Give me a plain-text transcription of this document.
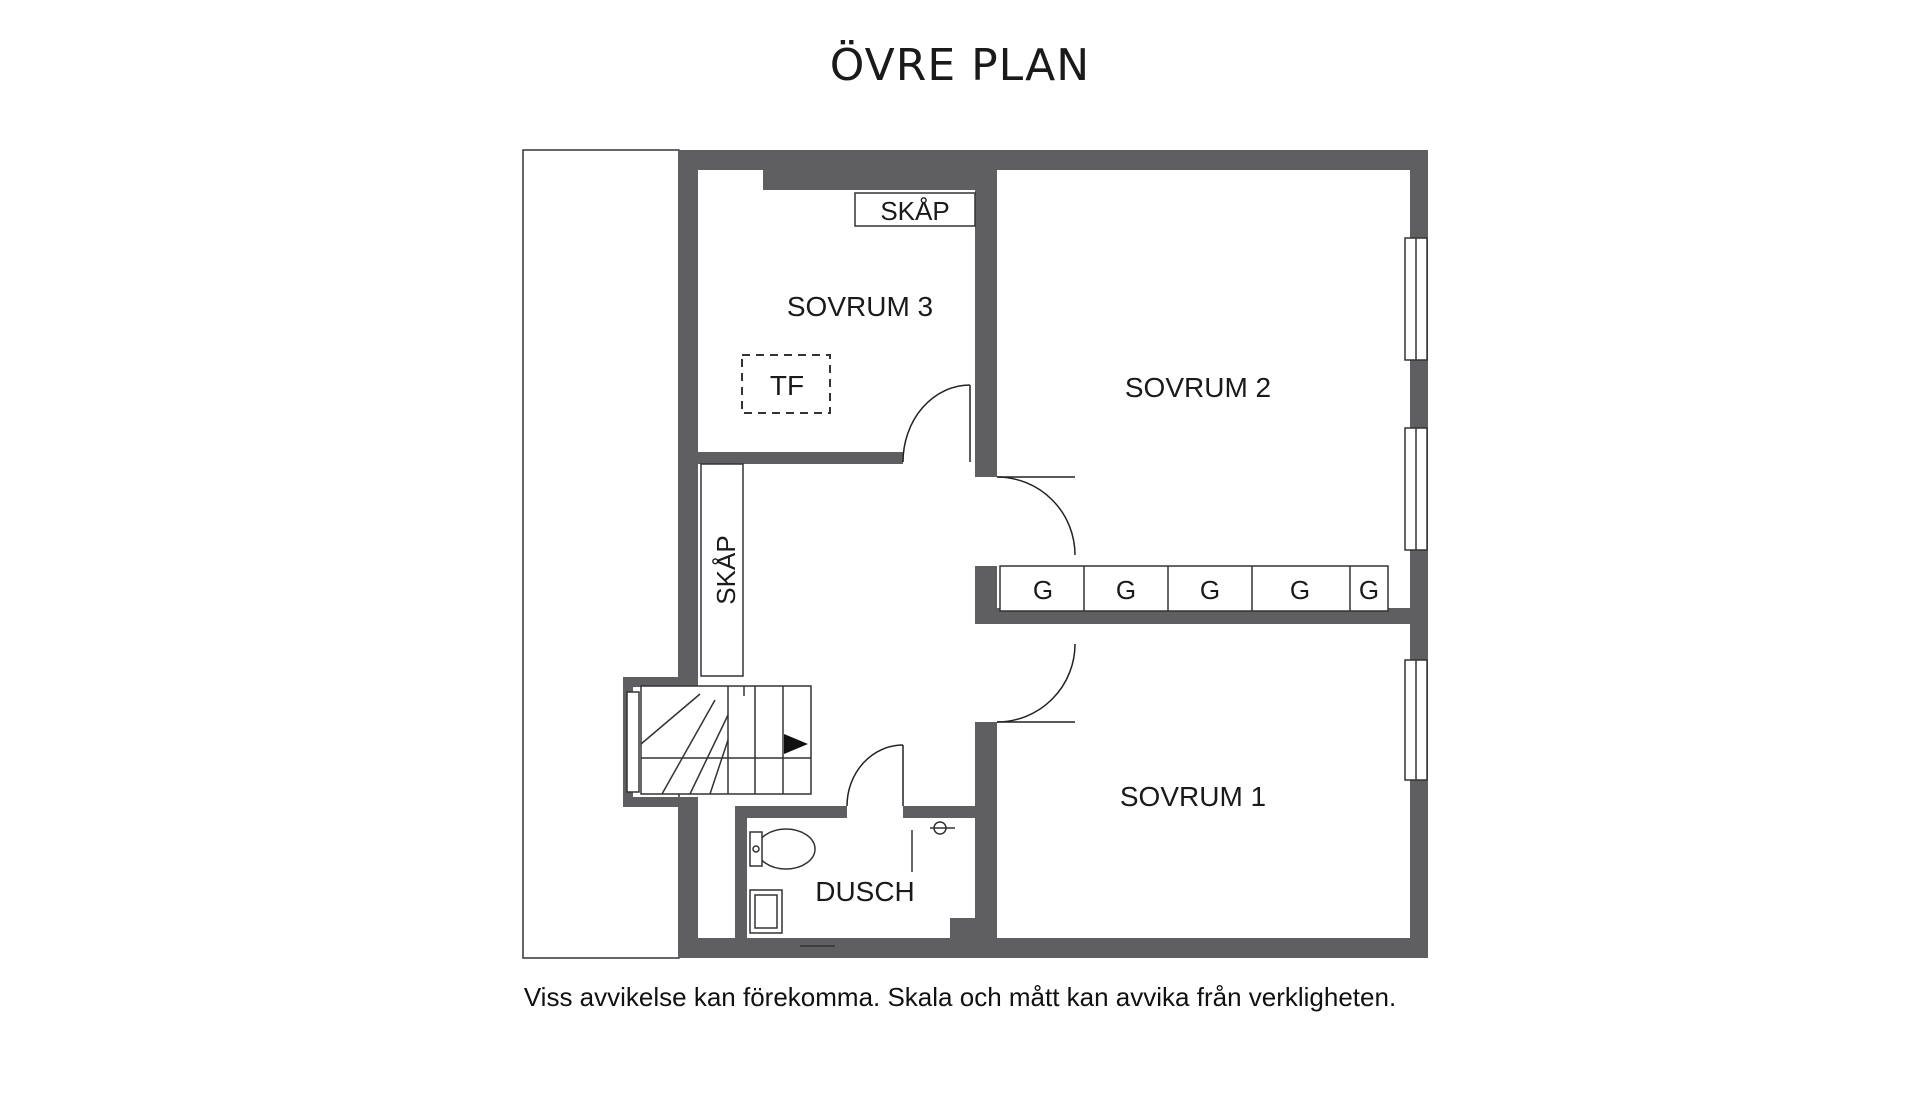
ÖVRE PLAN
SOVRUM 3
SOVRUM 2
SOVRUM 1
DUSCH
SKÅP
SKÅP
TF
G G G	G G
Viss avvikelse kan förekomma. Skala och mått kan avvika från verkligheten.
